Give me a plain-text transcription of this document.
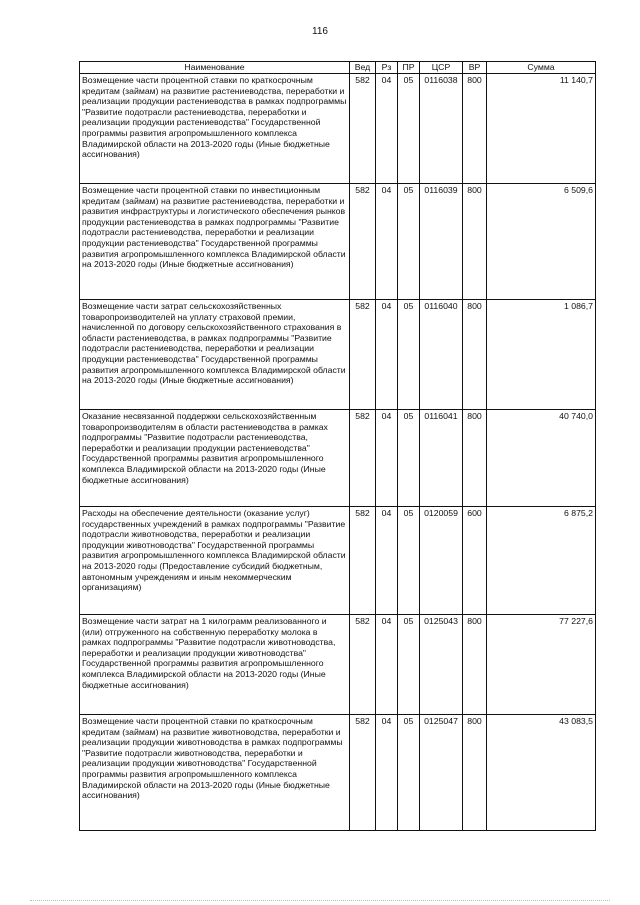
116
Наименование	Вед	Рз	ПР	ЦСР	ВР	Сумма
Возмещение части процентной ставки по краткосрочным кредитам (займам) на развитие растениеводства, переработки и реализации продукции растениеводства в рамках подпрограммы "Развитие подотрасли растениеводства, переработки и реализации продукции растениеводства" Государственной программы развития агропромышленного комплекса Владимирской области на 2013-2020 годы (Иные бюджетные ассигнования)	582	04	05	0116038	800	11 140,7
Возмещение части процентной ставки по инвестиционным кредитам (займам) на развитие растениеводства, переработки и развития инфраструктуры и логистического обеспечения рынков продукции растениеводства в рамках подпрограммы "Развитие подотрасли растениеводства, переработки и реализации продукции растениеводства" Государственной программы развития агропромышленного комплекса Владимирской области на 2013-2020 годы (Иные бюджетные ассигнования)	582	04	05	0116039	800	6 509,6
Возмещение части затрат сельскохозяйственных товаропроизводителей на уплату страховой премии, начисленной по договору сельскохозяйственного страхования в области растениеводства, в рамках подпрограммы "Развитие подотрасли растениеводства, переработки и реализации продукции растениеводства" Государственной программы развития агропромышленного комплекса Владимирской области на 2013-2020 годы (Иные бюджетные ассигнования)	582	04	05	0116040	800	1 086,7
Оказание несвязанной поддержки сельскохозяйственным товаропроизводителям в области растениеводства в рамках подпрограммы "Развитие подотрасли растениеводства, переработки и реализации продукции растениеводства" Государственной программы развития агропромышленного комплекса Владимирской области на 2013-2020 годы (Иные бюджетные ассигнования)	582	04	05	0116041	800	40 740,0
Расходы на обеспечение деятельности (оказание услуг) государственных учреждений в рамках подпрограммы "Развитие подотрасли животноводства, переработки и реализации продукции животноводства" Государственной программы развития агропромышленного комплекса Владимирской области на 2013-2020 годы (Предоставление субсидий бюджетным, автономным учреждениям и иным некоммерческим организациям)	582	04	05	0120059	600	6 875,2
Возмещение части затрат на 1 килограмм реализованного и (или) отгруженного на собственную переработку молока в рамках подпрограммы "Развитие подотрасли животноводства, переработки и реализации продукции животноводства" Государственной программы развития агропромышленного комплекса Владимирской области на 2013-2020 годы (Иные бюджетные ассигнования)	582	04	05	0125043	800	77 227,6
Возмещение части процентной ставки по краткосрочным кредитам (займам) на развитие животноводства, переработки и реализации продукции животноводства в рамках подпрограммы "Развитие подотрасли животноводства, переработки и реализации продукции животноводства" Государственной программы развития агропромышленного комплекса Владимирской области на 2013-2020 годы (Иные бюджетные ассигнования)	582	04	05	0125047	800	43 083,5
